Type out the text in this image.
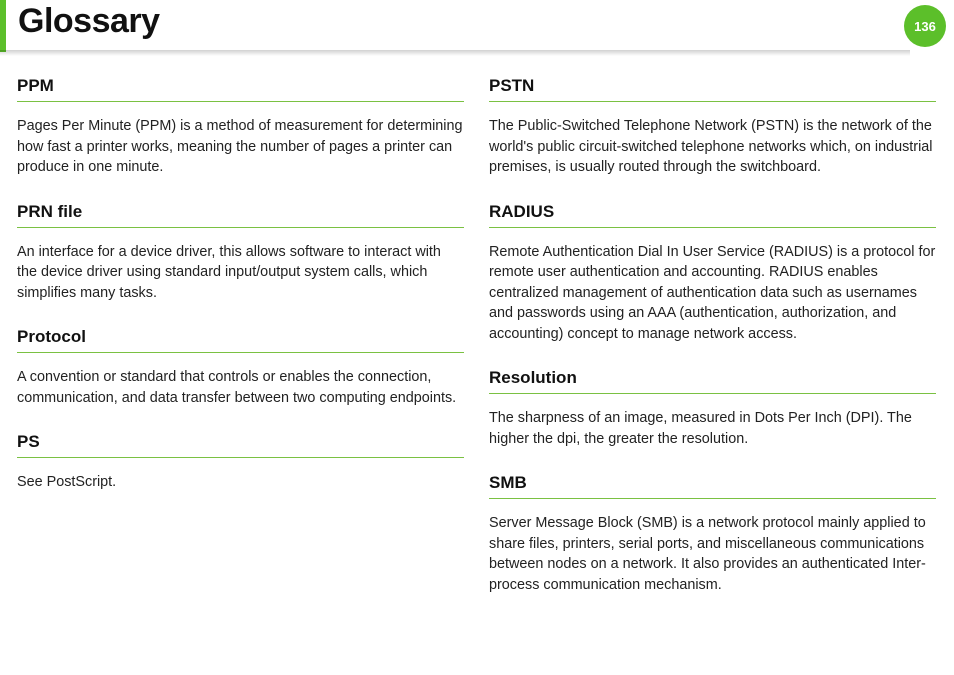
Glossary	136
PPM

Pages Per Minute (PPM) is a method of measurement for determining how fast a printer works, meaning the number of pages a printer can produce in one minute.

PRN file

An interface for a device driver, this allows software to interact with the device driver using standard input/output system calls, which simplifies many tasks.

Protocol

A convention or standard that controls or enables the connection, communication, and data transfer between two computing endpoints.

PS

See PostScript.

PSTN

The Public-Switched Telephone Network (PSTN) is the network of the world's public circuit-switched telephone networks which, on industrial premises, is usually routed through the switchboard.

RADIUS

Remote Authentication Dial In User Service (RADIUS) is a protocol for remote user authentication and accounting. RADIUS enables centralized management of authentication data such as usernames and passwords using an AAA (authentication, authorization, and accounting) concept to manage network access.

Resolution

The sharpness of an image, measured in Dots Per Inch (DPI). The higher the dpi, the greater the resolution.

SMB

Server Message Block (SMB) is a network protocol mainly applied to share files, printers, serial ports, and miscellaneous communications between nodes on a network. It also provides an authenticated Inter-process communication mechanism.
